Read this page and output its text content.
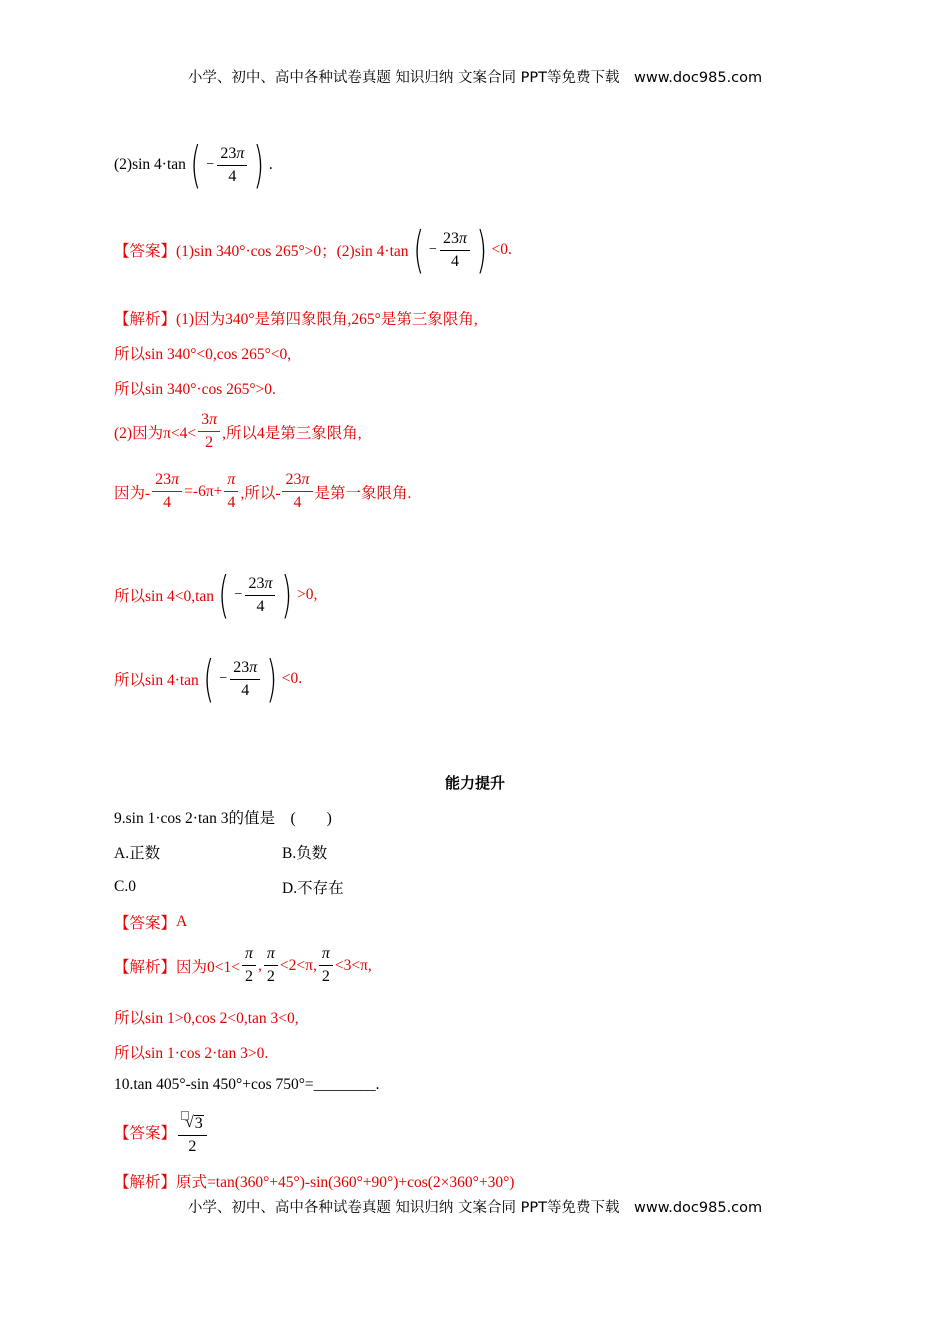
小学、初中、高中各种试卷真题 知识归纳 文案合同 PPT等免费下载　www.doc985.com
(2)sin 4·tan ( − $\frac{23\pi}{4}$ ) .
【答案】 (1)sin 340°·cos 265°>0；(2)sin 4·tan ( − $\frac{23\pi}{4}$ ) <0.
【解析】 (1)因为340°是第四象限角,265°是第三象限角,
所以sin 340°<0,cos 265°<0,
所以sin 340°·cos 265°>0.
(2)因为$\pi<4< \frac{3\pi}{2}$ ,所以4是第三象限角,
因为- $\frac{23\pi}{4} =-6\pi+ \frac{\pi}{4}$ ,所以- $\frac{23\pi}{4}$ 是第一象限角.
所以sin 4<0,tan ( − $\frac{23\pi}{4}$ ) >0,
所以sin 4·tan ( − $\frac{23\pi}{4}$ ) <0.
能力提升
9.sin 1·cos 2·tan 3的值是　(　　)
A.正数	B.负数
C.0	D.不存在
【答案】 A
【解析】 因为$0<1< \frac{\pi}{2}$ , $\frac{\pi}{2} <2<\pi$, $\frac{\pi}{2} <3<\pi$,
所以sin 1>0,cos 2<0,tan 3<0,
所以sin 1·cos 2·tan 3>0.
10.tan 405°-sin 450°+cos 750°=________.
【答案】 $\frac{√ 3}{2}$
【解析】 原式=tan(360°+45°)-sin(360°+90°)+cos(2×360°+30°)
小学、初中、高中各种试卷真题 知识归纳 文案合同 PPT等免费下载　www.doc985.com
